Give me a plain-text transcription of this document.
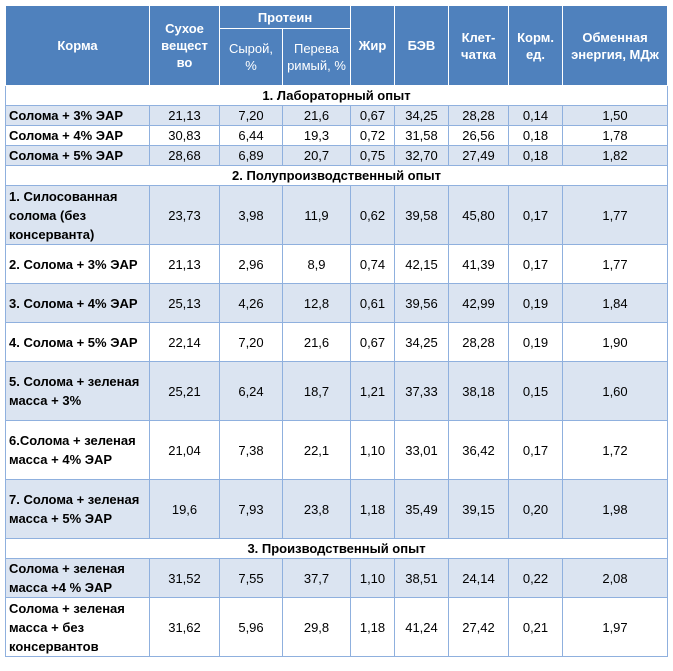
Корма	Сухое вещест во	Протеин		Жир	БЭВ	Клет- чатка	Корм. ед.	Обменная энергия, МДж
		Сырой, %	Перева римый, %					
1. Лабораторный опыт								
Солома + 3% ЭАР	21,13	7,20	21,6	0,67	34,25	28,28	0,14	1,50
Солома + 4% ЭАР	30,83	6,44	19,3	0,72	31,58	26,56	0,18	1,78
Солома + 5% ЭАР	28,68	6,89	20,7	0,75	32,70	27,49	0,18	1,82
2. Полупроизводственный опыт								
1. Силосованная солома (без консерванта)	23,73	3,98	11,9	0,62	39,58	45,80	0,17	1,77
2. Солома + 3% ЭАР	21,13	2,96	8,9	0,74	42,15	41,39	0,17	1,77
3. Солома + 4% ЭАР	25,13	4,26	12,8	0,61	39,56	42,99	0,19	1,84
4. Солома + 5% ЭАР	22,14	7,20	21,6	0,67	34,25	28,28	0,19	1,90
5. Солома + зеленая масса + 3%	25,21	6,24	18,7	1,21	37,33	38,18	0,15	1,60
6.Солома + зеленая масса + 4% ЭАР	21,04	7,38	22,1	1,10	33,01	36,42	0,17	1,72
7. Солома + зеленая масса + 5% ЭАР	19,6	7,93	23,8	1,18	35,49	39,15	0,20	1,98
3. Производственный опыт								
Солома + зеленая масса +4 % ЭАР	31,52	7,55	37,7	1,10	38,51	24,14	0,22	2,08
Солома + зеленая масса + без консервантов	31,62	5,96	29,8	1,18	41,24	27,42	0,21	1,97
